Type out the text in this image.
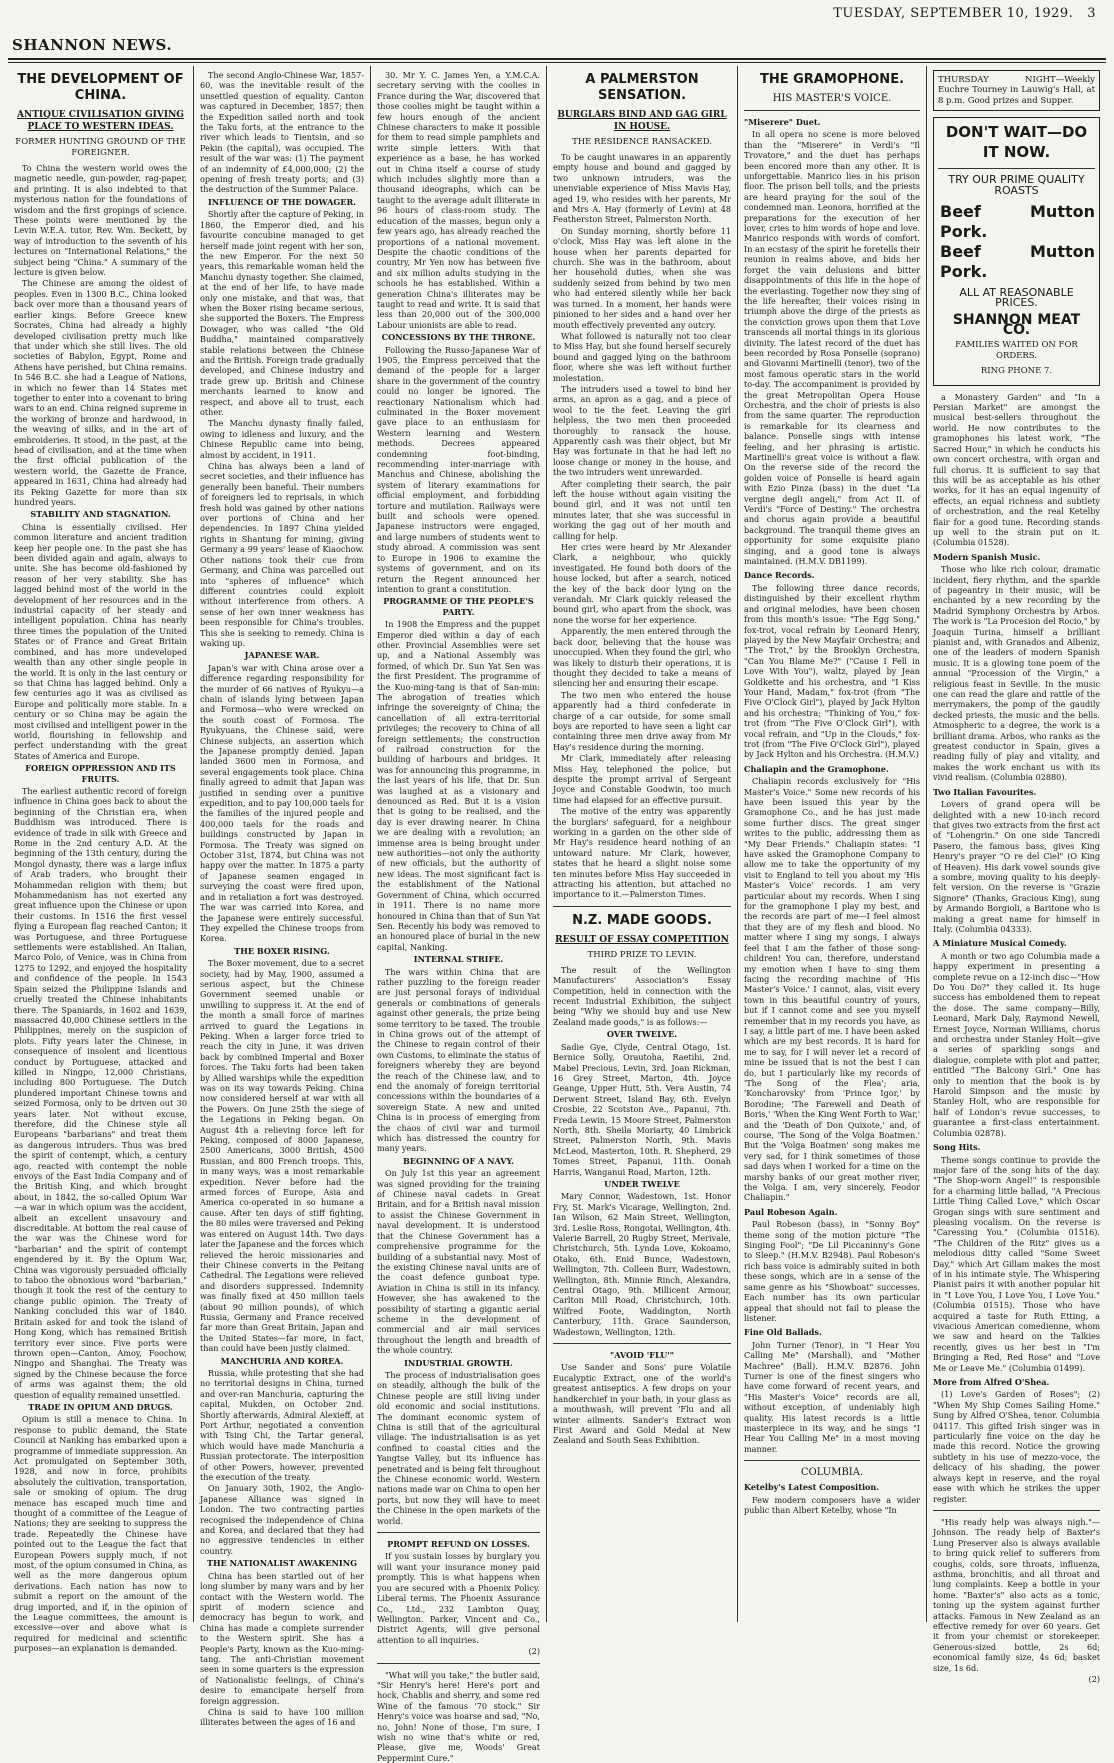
TUESDAY, SEPTEMBER 10, 1929. 3
SHANNON NEWS.
THE DEVELOPMENT OF CHINA.
ANTIQUE CIVILISATION GIVING PLACE TO WESTERN IDEAS.
FORMER HUNTING GROUND OF THE FOREIGNER.

To China the western world owes the magnetic needle, gun-powder, rag-paper, and printing. It is also indebted to that mysterious nation for the foundations of wisdom and the first gropings of science. These points were mentioned by the Levin W.E.A. tutor, Rev. Wm. Beckett, by way of introduction to the seventh of his lectures on "International Relations," the subject being "China." A summary of the lecture is given below.

The Chinese are among the oldest of peoples. Even in 1300 B.C., China looked back over more than a thousand years of earlier kings. Before Greece knew Socrates, China had already a highly developed civilisation pretty much like that under which she still lives. The old societies of Babylon, Egypt, Rome and Athens have perished, but China remains. In 546 B.C. she had a League of Nations, in which no fewer than 14 States met together to enter into a covenant to bring wars to an end. China reigned supreme in the working of bronze and hardwood, in the weaving of silks, and in the art of embroideries. It stood, in the past, at the head of civilisation, and at the time when the first official publication of the western world, the Gazette de France, appeared in 1631, China had already had its Peking Gazette for more than six hundred years.

STABILITY AND STAGNATION.

China is essentially civilised. Her common literature and ancient tradition keep her people one. In the past she has been divided again and again, always to unite. She has become old-fashioned by reason of her very stability. She has lagged behind most of the world in the development of her resources and in the industrial capacity of her steady and intelligent population. China has nearly three times the population of the United States or of France and Great Britain combined, and has more undeveloped wealth than any other single people in the world. It is only in the last century or so that China has lagged behind. Only a few centuries ago it was as civilised as Europe and politically more stable. In a century or so China may be again the most civilised and intelligent power in the world, flourishing in fellowship and perfect understanding with the great States of America and Europe.

FOREIGN OPPRESSION AND ITS FRUITS.

The earliest authentic record of foreign influence in China goes back to about the beginning of the Christian era, when Buddhism was introduced. There is evidence of trade in silk with Greece and Rome in the 2nd century A.D. At the beginning of the 13th century, during the Mongol dynasty, there was a large influx of Arab traders, who brought their Mohammedan religion with them; but Mohammedanism has not exerted any great influence upon the Chinese or upon their customs. In 1516 the first vessel flying a European flag reached Canton; it was Portuguese, and three Portuguese settlements were established. An Italian, Marco Polo, of Venice, was in China from 1275 to 1292, and enjoyed the hospitality and confidence of the people. In 1543 Spain seized the Philippine Islands and cruelly treated the Chinese inhabitants there. The Spaniards, in 1602 and 1639, massacred 40,000 Chinese settlers in the Philippines, merely on the suspicion of plots. Fifty years later the Chinese, in consequence of insolent and licentious conduct by Portuguese, attacked and killed in Ningpo, 12,000 Christians, including 800 Portuguese. The Dutch plundered important Chinese towns and seized Formosa, only to be driven out 30 years later. Not without excuse, therefore, did the Chinese style all Europeans "barbarians" and treat them as dangerous intruders. Thus was bred the spirit of contempt, which, a century ago, reacted with contempt the noble envoys of the East India Company and of the British King, and which brought about, in 1842, the so-called Opium War—a war in which opium was the accident, albeit an excellent unsavoury and discreditable. At bottom the real cause of the war was the Chinese word for "barbarian" and the spirit of contempt engendered by it. By the Opium War, China was vigorously persuaded officially to taboo the obnoxious word "barbarian," though it took the rest of the century to change public opinion. The Treaty of Nanking concluded this war of 1840. Britain asked for and took the island of Hong Kong, which has remained British territory ever since. Five ports were thrown open—Canton, Amoy, Foochow, Ningpo and Shanghai. The Treaty was signed by the Chinese because the force of arms was against them; the old question of equality remained unsettled.

TRADE IN OPIUM AND DRUGS.

Opium is still a menace to China. In response to public demand, the State Council at Nanking has embarked upon a programme of immediate suppression. An Act promulgated on September 30th, 1928, and now in force, prohibits absolutely the cultivation, transportation, sale or smoking of opium. The drug menace has escaped much time and thought of a committee of the League of Nations; they are seeking to suppress the trade. Repeatedly the Chinese have pointed out to the League the fact that European Powers supply much, if not most, of the opium consumed in China, as well as the more dangerous opium derivations. Each nation has now to submit a report on the amount of the drug imported, and if, in the opinion of the League committees, the amount is excessive—over and above what is required for medicinal and scientific purposes—an explanation is demanded.

The second Anglo-Chinese War, 1857-60, was the inevitable result of the unsettled question of equality. Canton was captured in December, 1857; then the Expedition sailed north and took the Taku forts, at the entrance to the river which leads to Tientsin, and so Pekin (the capital), was occupied. The result of the war was: (1) The payment of an indemnity of £4,000,000; (2) the opening of fresh treaty ports; and (3) the destruction of the Summer Palace.

INFLUENCE OF THE DOWAGER.

Shortly after the capture of Peking, in 1860, the Emperor died, and his favourite concubine managed to get herself made joint regent with her son, the new Emperor. For the next 50 years, this remarkable woman held the Manchu dynasty together. She claimed, at the end of her life, to have made only one mistake, and that was, that when the Boxer rising became serious, she supported the Boxers. The Empress Dowager, who was called "the Old Buddha," maintained comparatively stable relations between the Chinese and the British. Foreign trade gradually developed, and Chinese industry and trade grew up. British and Chinese merchants learned to know and respect, and above all to trust, each other.

The Manchu dynasty finally failed, owing to idleness and luxury, and the Chinese Republic came into being, almost by accident, in 1911.

China has always been a land of secret societies, and their influence has generally been baneful. Their numbers of foreigners led to reprisals, in which fresh hold was gained by other nations over portions of China and her dependencies. In 1897 China yielded rights in Shantung for mining, giving Germany a 99 years' lease of Kiaochow. Other nations took their cue from Germany, and China was parcelled out into "spheres of influence" which different countries could exploit without interference from others. A sense of her own inner weakness has been responsible for China's troubles. This she is seeking to remedy. China is waking up.

JAPANESE WAR.

Japan's war with China arose over a difference regarding responsibility for the murder of 66 natives of Ryukyu—a chain of islands lying between Japan and Formosa—who were wrecked on the south coast of Formosa. The Ryukyuans, the Chinese said, were Chinese subjects, an assertion which the Japanese promptly denied. Japan landed 3600 men in Formosa, and several engagements took place. China finally agreed to admit that Japan was justified in sending over a punitive expedition, and to pay 100,000 taels for the families of the injured people and 400,000 taels for the roads and buildings constructed by Japan in Formosa. The Treaty was signed on October 31st, 1874, but China was not happy over the matter. In 1875 a party of Japanese seamen engaged in surveying the coast were fired upon, and in retaliation a fort was destroyed. The war was carried into Korea, and the Japanese were entirely successful. They expelled the Chinese troops from Korea.

THE BOXER RISING.

The Boxer movement, due to a secret society, had by May, 1900, assumed a serious aspect, but the Chinese Government seemed unable or unwilling to suppress it. At the end of the month a small force of marines arrived to guard the Legations in Peking. When a larger force tried to reach the city in June, it was driven back by combined Imperial and Boxer forces. The Taku forts had been taken by Allied warships while the expedition was on its way towards Peking. China now considered herself at war with all the Powers. On June 25th the siege of the Legations in Peking began. On August 4th a relieving force left for Peking, composed of 8000 Japanese, 2500 Americans, 3000 British, 4500 Russian, and 800 French troops. This, in many ways, was a most remarkable expedition. Never before had the armed forces of Europe, Asia and America co-operated in so humane a cause. After ten days of stiff fighting, the 80 miles were traversed and Peking was entered on August 14th. Two days later the Japanese and the forces which relieved the heroic missionaries and their Chinese converts in the Peitang Cathedral. The Legations were relieved and disorders suppressed. Indemnity was finally fixed at 450 million taels (about 90 million pounds), of which Russia, Germany and France received far more than Great Britain, Japan and the United States—far more, in fact, than could have been justly claimed.

MANCHURIA AND KOREA.

Russia, while protesting that she had no territorial designs in China, turned and over-ran Manchuria, capturing the capital, Mukden, on October 2nd. Shortly afterwards, Admiral Alexieff, at Port Arthur, negotiated a convention with Tsing Chi, the Tartar general, which would have made Manchuria a Russian protectorate. The interposition of other Powers, however, prevented the execution of the treaty.

On January 30th, 1902, the Anglo-Japanese Alliance was signed in London. The two contracting parties recognised the independence of China and Korea, and declared that they had no aggressive tendencies in either country.

THE NATIONALIST AWAKENING

China has been startled out of her long slumber by many wars and by her contact with the Western world. The spirit of modern science and democracy has begun to work, and China has made a complete surrender to the Western spirit. She has a People's Party, known as the Kuo-ming-tang. The anti-Christian movement seen in some quarters is the expression of Nationalistic feelings, of China's desire to emancipate herself from foreign aggression.

China is said to have 100 million illiterates between the ages of 16 and

30. Mr Y. C. James Yen, a Y.M.C.A. secretary serving with the coolies in France during the War, discovered that those coolies might be taught within a few hours enough of the ancient Chinese characters to make it possible for them to read simple pamphlets and write simple letters. With that experience as a base, he has worked out in China itself a course of study which includes slightly more than a thousand ideographs, which can be taught to the average adult illiterate in 96 hours of class-room study. The education of the masses, begun only a few years ago, has already reached the proportions of a national movement. Despite the chaotic conditions of the country, Mr Yen now has between five and six million adults studying in the schools he has established. Within a generation China's illiterates may be taught to read and write. It is said that less than 20,000 out of the 300,000 Labour unionists are able to read.

CONCESSIONS BY THE THRONE.

Following the Russo-Japanese War of 1905, the Empress perceived that the demand of the people for a larger share in the government of the country could no longer be ignored. The reactionary Nationalism which had culminated in the Boxer movement gave place to an enthusiasm for Western learning and Western methods. Decrees appeared condemning foot-binding, recommending inter-marriage with Manchus and Chinese, abolishing the system of literary examinations for official employment, and forbidding torture and mutilation. Railways were built and schools were opened. Japanese instructors were engaged, and large numbers of students went to study abroad. A commission was sent to Europe in 1906 to examine the systems of government, and on its return the Regent announced her intention to grant a constitution.

PROGRAMME OF THE PEOPLE'S PARTY.

In 1908 the Empress and the puppet Emperor died within a day of each other. Provincial Assemblies were set up, and a National Assembly was formed, of which Dr. Sun Yat Sen was the first President. The programme of the Kuo-ming-tang is that of San-min: The abrogation of treaties which infringe the sovereignty of China; the cancellation of all extra-territorial privileges; the recovery to China of all foreign settlements; the construction of railroad construction for the building of harbours and bridges. It was for announcing this programme, in the last years of his life, that Dr. Sun was laughed at as a visionary and denounced as Red. But it is a vision that is going to be realised, and the day is ever drawing nearer. In China we are dealing with a revolution; an immense area is being brought under new authorities—not only the authority of new officials, but the authority of new ideas. The most significant fact is the establishment of the National Government of China, which occurred in 1911. There is no name more honoured in China than that of Sun Yat Sen. Recently his body was removed to an honoured place of burial in the new capital, Nanking.

INTERNAL STRIFE.

The wars within China that are rather puzzling to the foreign reader are just personal forays of individual generals or combinations of generals against other generals, the prize being some territory to be taxed. The trouble in China grows out of the attempt of the Chinese to regain control of their own Customs, to eliminate the status of foreigners whereby they are beyond the reach of the Chinese law, and to end the anomaly of foreign territorial concessions within the boundaries of a sovereign State. A new and united China is in process of emerging from the chaos of civil war and turmoil which has distressed the country for many years.

BEGINNING OF A NAVY.

On July 1st this year an agreement was signed providing for the training of Chinese naval cadets in Great Britain, and for a British naval mission to assist the Chinese Government in naval development. It is understood that the Chinese Government has a comprehensive programme for the building of a substantial navy. Most of the existing Chinese naval units are of the coast defence gunboat type. Aviation in China is still in its infancy. However, she has awakened to the possibility of starting a gigantic aerial scheme in the development of commercial and air mail services throughout the length and breadth of the whole country.

INDUSTRIAL GROWTH.

The process of industrialisation goes on steadily, although the bulk of the Chinese people are still living under old economic and social institutions. The dominant economic system of China is still that of the agricultural village. The industrialisation is as yet confined to coastal cities and the Yangtse Valley, but its influence has penetrated and is being felt throughout the Chinese economic world. Western nations made war on China to open her ports, but now they will have to meet the Chinese in the open markets of the world.

PROMPT REFUND ON LOSSES.

If you sustain losses by burglary you will want your insurance money paid promptly. This is what happens when you are secured with a Phoenix Policy. Liberal terms. The Phoenix Assurance Co., Ltd., 232 Lambton Quay, Wellington. Parker, Vincent and Co., District Agents, will give personal attention to all inquiries.

(2)

"What will you take," the butler said, "Sir Henry's here! Here's port and hock, Chablis and sherry, and some red Wine of the famous '70 stock." Sir Henry's voice was hoarse and sad, "No, no, John! None of those, I'm sure, I wish no wine that's white or red, Please, give me, Woods' Great Peppermint Cure."

A PALMERSTON SENSATION.
BURGLARS BIND AND GAG GIRL IN HOUSE.
THE RESIDENCE RANSACKED.

To be caught unawares in an apparently empty house and bound and gagged by two unknown intruders, was the unenviable experience of Miss Mavis Hay, aged 19, who resides with her parents, Mr and Mrs A. Hay (formerly of Levin) at 48 Featherston Street, Palmerston North.

On Sunday morning, shortly before 11 o'clock, Miss Hay was left alone in the house when her parents departed for church. She was in the bathroom, about her household duties, when she was suddenly seized from behind by two men who had entered silently while her back was turned. In a moment, her hands were pinioned to her sides and a hand over her mouth effectively prevented any outcry.

What followed is naturally not too clear to Miss Hay, but she found herself securely bound and gagged lying on the bathroom floor, where she was left without further molestation.

The intruders used a towel to bind her arms, an apron as a gag, and a piece of wool to tie the feet. Leaving the girl helpless, the two men then proceeded thoroughly to ransack the house. Apparently cash was their object, but Mr Hay was fortunate in that he had left no loose change or money in the house, and the two intruders went unrewarded.

After completing their search, the pair left the house without again visiting the bound girl, and it was not until ten minutes later, that she was successful in working the gag out of her mouth and calling for help.

Her cries were heard by Mr Alexander Clark, a neighbour, who quickly investigated. He found both doors of the house locked, but after a search, noticed the key of the back door lying on the verandah. Mr Clark quickly released the bound girl, who apart from the shock, was none the worse for her experience.

Apparently, the men entered through the back door, believing that the house was unoccupied. When they found the girl, who was likely to disturb their operations, it is thought they decided to take a means of silencing her and ensuring their escape.

The two men who entered the house apparently had a third confederate in charge of a car outside, for some small boys are reported to have seen a light car containing three men drive away from Mr Hay's residence during the morning.

Mr Clark, immediately after releasing Miss Hay, telephoned the police, but despite the prompt arrival of Sergeant Joyce and Constable Goodwin, too much time had elapsed for an effective pursuit.

The motive of the entry was apparently the burglars' safeguard, for a neighbour working in a garden on the other side of Mr Hay's residence heard nothing of an untoward nature. Mr Clark, however, states that he heard a slight noise some ten minutes before Miss Hay succeeded in attracting his attention, but attached no importance to it.—Palmerston Times.

N.Z. MADE GOODS.
RESULT OF ESSAY COMPETITION
THIRD PRIZE TO LEVIN.

The result of the Wellington Manufacturers' Association's Essay Competition, held in connection with the recent Industrial Exhibition, the subject being "Why we should buy and use New Zealand made goods," is as follows:—

OVER TWELVE.

Sadie Gye, Clyde, Central Otago, 1st. Bernice Solly, Orautoha, Raetihi, 2nd. Mabel Precious, Levin, 3rd. Joan Rickman, 16 Grey Street, Marton, 4th. Joyce Geange, Upper Hutt, 5th. Vera Austin, 74 Derwent Street, Island Bay, 6th. Evelyn Crosbie, 22 Scotston Ave., Papanui, 7th. Freda Lewin, 15 Moore Street, Palmerston North, 8th. Sheila Moriarty, 40 Limbrick Street, Palmerston North, 9th. Mavis McLeod, Masterton, 10th. R. Shepherd, 29 Tomes Street, Papanui, 11th. Oonah Harris, Wanganui Road, Marton, 12th.

UNDER TWELVE

Mary Connor, Wadestown, 1st. Honor Fry, St. Mark's Vicarage, Wellington, 2nd. Ian Wilson, 62 Main Street, Wellington, 3rd. Leslie Ross, Rongotai, Wellington, 4th. Valerie Barrell, 20 Rugby Street, Merivale, Christchurch, 5th. Lynda Love, Kokoamo, Otako, 6th. Enid Bunce, Wadestown, Wellington, 7th. Colleen Burr, Wadestown, Wellington, 8th. Minnie Rinch, Alexandra, Central Otago, 9th. Millicent Armour, Carlton Mill Road, Christchurch, 10th. Wilfred Foote, Waddington, North Canterbury, 11th. Grace Saunderson, Wadestown, Wellington, 12th.

"AVOID 'FLU'"

Use Sander and Sons' pure Volatile Eucalyptic Extract, one of the world's greatest antiseptics. A few drops on your handkerchief in your bath, in your glass as a mouthwash, will prevent 'Flu and all winter ailments. Sander's Extract won First Award and Gold Medal at New Zealand and South Seas Exhibition.

THE GRAMOPHONE.
HIS MASTER'S VOICE.
"Miserere" Duet.

In all opera no scene is more beloved than the "Miserere" in Verdi's "Il Trovatore," and the duet has perhaps been encored more than any other. It is unforgettable. Manrico lies in his prison floor. The prison bell tolls, and the priests are heard praying for the soul of the condemned man. Leonora, horrified at the preparations for the execution of her lover, cries to him words of hope and love. Manrico responds with words of comfort. In an ecstasy of the spirit he foretells their reunion in realms above, and bids her forget the vain delusions and bitter disappointments of this life in the hope of the everlasting. Together now they sing of the life hereafter, their voices rising in triumph above the dirge of the priests as the conviction grows upon them that Love transcends all mortal things in its glorious divinity. The latest record of the duet has been recorded by Rosa Ponselle (soprano) and Giovanni Martinelli (tenor), two of the most famous operatic stars in the world to-day. The accompaniment is provided by the great Metropolitan Opera House Orchestra, and the choir of priests is also from the same quarter. The reproduction is remarkable for its clearness and balance. Ponselle sings with intense feeling, and her phrasing is artistic. Martinelli's great voice is without a flaw. On the reverse side of the record the golden voice of Ponselle is heard again with Ezio Pinza (bass) in the duet "La vergine degli angeli," from Act II. of Verdi's "Force of Destiny." The orchestra and chorus again provide a beautiful background. The tranquil theme gives an opportunity for some exquisite piano singing, and a good tone is always maintained. (H.M.V. DB1199).

Dance Records.

The following three dance records, distinguished by their excellent rhythm and original melodies, have been chosen from this month's issue: "The Egg Song," fox-trot, vocal refrain by Leonard Henry, played by the New Mayfair Orchestra; and "The Trot," by the Brooklyn Orchestra, "Can You Blame Me?" ("Cause I Fell in Love With You"), waltz, played by Jean Goldkette and his orchestra, and "I Kiss Your Hand, Madam," fox-trot (from "The Five O'Clock Girl"), played by Jack Hylton and his orchestra; "Thinking of You," fox-trot (from "The Five O'Clock Girl"), with vocal refrain, and "Up in the Clouds," fox-trot (from "The Five O'Clock Girl"), played by Jack Hylton and his Orchestra. (H.M.V.)

Chaliapin and the Gramophone.

Chaliapin records exclusively for "His Master's Voice." Some new records of his have been issued this year by the Gramophone Co., and he has just made some further discs. The great singer writes to the public, addressing them as "My Dear Friends." Chaliapin states: "I have asked the Gramophone Company to allow me to take the opportunity of my visit to England to tell you about my 'His Master's Voice' records. I am very particular about my records. When I sing for the gramophone I play my best, and the records are part of me—I feel almost that they are of my flesh and blood. No matter where I sing my songs, I always feel that I am the father of those song-children! You can, therefore, understand my emotion when I have to sing them facing the recording machine of 'His Master's Voice.' I cannot, alas, visit every town in this beautiful country of yours, but if I cannot come and see you myself remember that in my records you have, as I say, a little part of me. I have been asked which are my best records. It is hard for me to say, for I will never let a record of mine be issued that is not the best I can do, but I particularly like my records of 'The Song of the Flea'; aria, 'Koncharovsky' from 'Prince Igor,' by Borodine; 'The Farewell and Death of Boris,' 'When the King Went Forth to War,' and the 'Death of Don Quixote,' and, of course, 'The Song of the Volga Boatmen.' But the 'Volga Boatmen' song makes me very sad, for I think sometimes of those sad days when I worked for a time on the marshy banks of our great mother river, the Volga. I am, very sincerely, Feodor Chaliapin."

Paul Robeson Again.

Paul Robeson (bass), in "Sonny Boy" theme song of the motion picture "The Singing Fool"; "De Lil Piccaninny's Gone to Sleep." (H.M.V. B2948). Paul Robeson's rich bass voice is admirably suited in both these songs, which are in a sense of the same genre as his "Showboat" successes. Each number has its own particular appeal that should not fail to please the listener.

Fine Old Ballads.

John Turner (Tenor), in "I Hear You Calling Me" (Marshall), and "Mother Machree" (Ball). H.M.V. B2876. John Turner is one of the finest singers who have come forward of recent years, and "His Master's Voice" records are all, without exception, of undeniably high quality. His latest records is a little masterpiece in its way, and he sings "I Hear You Calling Me" in a most moving manner.

COLUMBIA.
Ketelby's Latest Composition.

Few modern composers have a wider public than Albert Ketelby, whose "In

THURSDAY NIGHT—Weekly Euchre Tourney in Lauwig's Hall, at 8 p.m. Good prizes and Supper.
DON'T WAIT—DO IT NOW.
TRY OUR PRIME QUALITY ROASTS
Beef Mutton Pork.
Beef Mutton Pork.
ALL AT REASONABLE PRICES.
SHANNON MEAT CO.
FAMILIES WAITED ON FOR ORDERS.
RING PHONE 7.

a Monastery Garden" and "In a Persian Market" are amongst the musical best-sellers throughout the world. He now contributes to the gramophones his latest work, "The Sacred Hour," in which he conducts his own concert orchestra, with organ and full chorus. It is sufficient to say that this will be as acceptable as his other works, for it has an equal ingenuity of effects, an equal richness and subtlety of orchestration, and the real Ketelby flair for a good tune. Recording stands up well to the strain put on it. (Columbia 01528).

Modern Spanish Music.

Those who like rich colour, dramatic incident, fiery rhythm, and the sparkle of pageantry in their music, will be enchanted by a new recording by the Madrid Symphony Orchestra by Arbos. The work is "La Procesion del Rocio," by Joaquin Turina, himself a brilliant pianist and, with Granados and Albeniz, one of the leaders of modern Spanish music. It is a glowing tone poem of the annual "Procession of the Virgin," a religious feast in Seville. In the music one can read the glare and rattle of the merrymakers, the pomp of the gaudily decked priests, the music and the bells. Atmospheric to a degree, the work is a brilliant drama. Arbos, who ranks as the greatest conductor in Spain, gives a reading fully of play and vitality, and makes the work enchant us with its vivid realism. (Columbia 02880).

Two Italian Favourites.

Lovers of grand opera will be delighted with a new 10-inch record that gives two extracts from the first act of "Lohengrin." On one side Tancredi Pasero, the famous bass, gives King Henry's prayer "O re del Ciel" (O King of Heaven). His dark vowel sounds give a sombre, moving quality to his deeply-felt version. On the reverse is "Grazie Signore" (Thanks, Gracious King), sung by Armando Borgioli, a Baritone who is making a great name for himself in Italy. (Columbia 04333).

A Miniature Musical Comedy.

A month or two ago Columbia made a happy experiment in presenting a complete revue on a 12-inch disc—"How Do You Do?" they called it. Its huge success has emboldened them to repeat the dose. The same company—Billy, Leonard, Mark Daly, Raymond Newell, Ernest Joyce, Norman Williams, chorus and orchestra under Stanley Holt—give a series of sparkling songs and dialogue, complete with plot and patter, entitled "The Balcony Girl." One has only to mention that the book is by Harold Simpson and the music by Stanley Holt, who are responsible for half of London's revue successes, to guarantee a first-class entertainment. Columbia 02878).

Song Hits.

Theme songs continue to provide the major fare of the song hits of the day. "The Shop-worn Angel!" is responsible for a charming little ballad, "A Precious Little Thing Called Love," which Oscar Grogan sings with sure sentiment and pleasing vocalism. On the reverse is "Caressing You." (Columbia 01516). "The Children of the Ritz" gives us a melodious ditty called "Some Sweet Day," which Art Gillam makes the most of in his intimate style. The Whispering Pianist pairs it with another popular hit in "I Love You, I Love You, I Love You." (Columbia 01515). Those who have acquired a taste for Ruth Etting, a vivacious American comedienne, whom we saw and heard on the Talkies recently, gives us her best in "I'm Bringing a Red, Red Rose" and "Love Me or Leave Me." (Columbia 01499).

More from Alfred O'Shea.

(1) Love's Garden of Roses"; (2) "When My Ship Comes Sailing Home." Sung by Alfred O'Shea, tenor. Columbia 04117. This gifted Irish singer was in particularly fine voice on the day he made this record. Notice the growing subtlety in his use of mezzo-voce, the delicacy of his shading, the power always kept in reserve, and the royal ease with which he strikes the upper register.

"His ready help was always nigh."—Johnson. The ready help of Baxter's Lung Preserver also is always available to bring quick relief to sufferers from coughs, colds, sore throats, influenza, asthma, bronchitis, and all throat and lung complaints. Keep a bottle in your home. "Baxter's" also acts as a tonic, toning up the system against further attacks. Famous in New Zealand as an effective remedy for over 60 years. Get it from your chemist or storekeeper. Generous-sized bottle, 2s 6d; economical family size, 4s 6d; basket size, 1s 6d.

(2)
